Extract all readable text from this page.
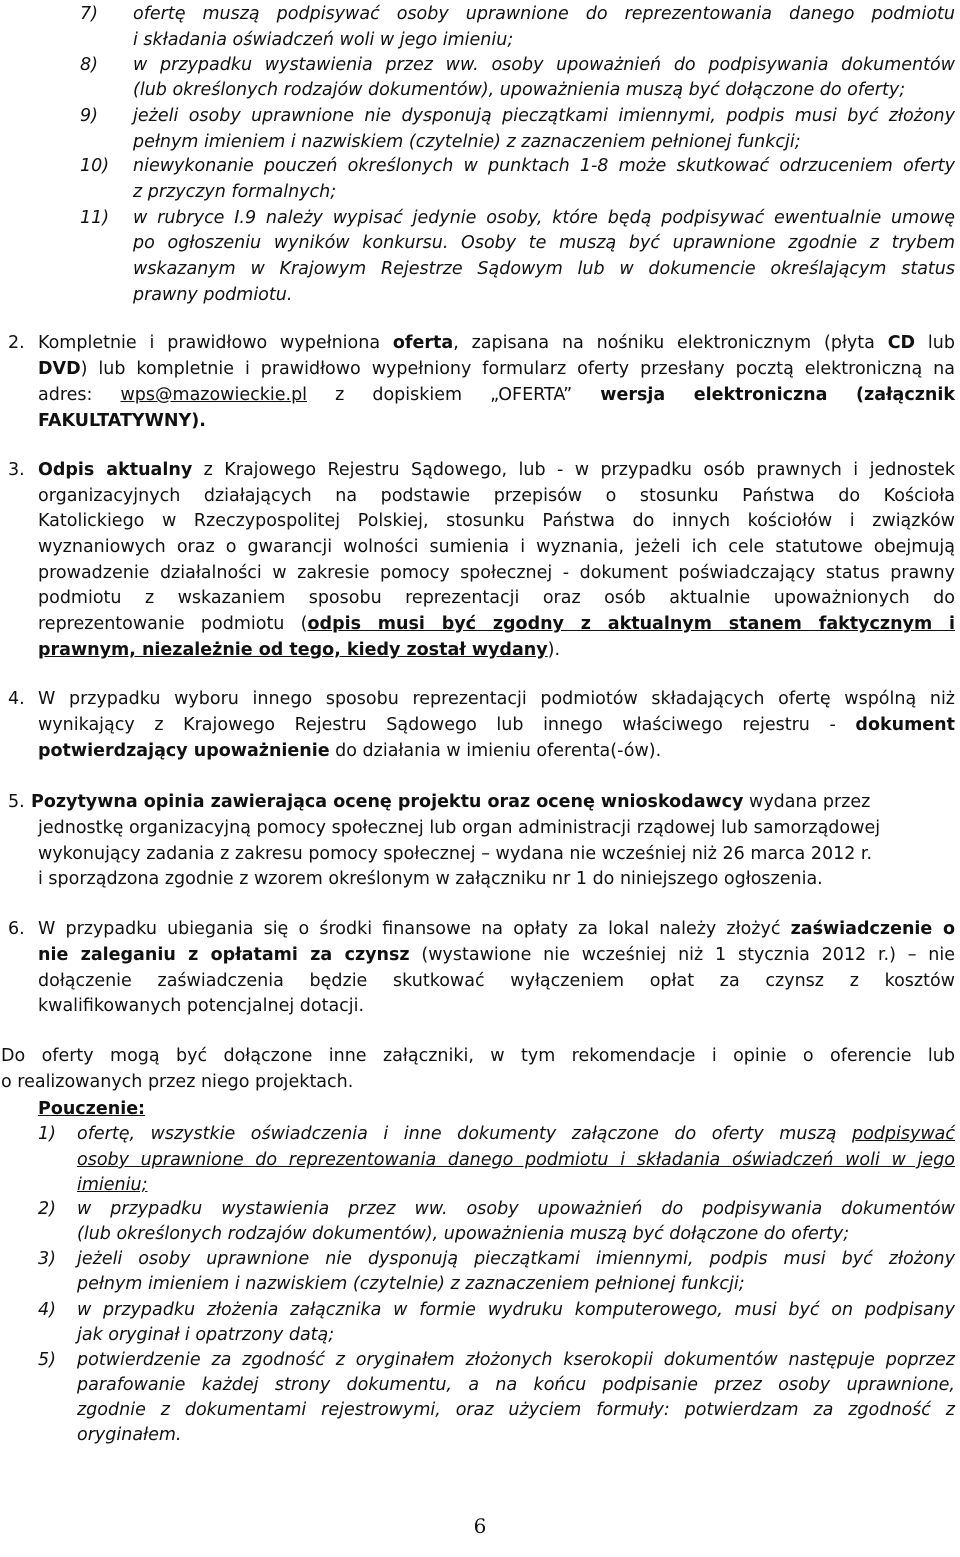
7) ofertę muszą podpisywać osoby uprawnione do reprezentowania danego podmiotu

i składania oświadczeń woli w jego imieniu;

8) w przypadku wystawienia przez ww. osoby upoważnień do podpisywania dokumentów

(lub określonych rodzajów dokumentów), upoważnienia muszą być dołączone do oferty;

9) jeżeli osoby uprawnione nie dysponują pieczątkami imiennymi, podpis musi być złożony

pełnym imieniem i nazwiskiem (czytelnie) z zaznaczeniem pełnionej funkcji;

10) niewykonanie pouczeń określonych w punktach 1-8 może skutkować odrzuceniem oferty

z przyczyn formalnych;

11) w rubryce I.9 należy wypisać jedynie osoby, które będą podpisywać ewentualnie umowę

po ogłoszeniu wyników konkursu. Osoby te muszą być uprawnione zgodnie z trybem

wskazanym w Krajowym Rejestrze Sądowym lub w dokumencie określającym status

prawny podmiotu.

2. Kompletnie i prawidłowo wypełniona oferta, zapisana na nośniku elektronicznym (płyta CD lub

DVD) lub kompletnie i prawidłowo wypełniony formularz oferty przesłany pocztą elektroniczną na

adres: wps@mazowieckie.pl z dopiskiem „OFERTA” wersja elektroniczna (załącznik

FAKULTATYWNY).

3. Odpis aktualny z Krajowego Rejestru Sądowego, lub - w przypadku osób prawnych i jednostek

organizacyjnych działających na podstawie przepisów o stosunku Państwa do Kościoła

Katolickiego w Rzeczypospolitej Polskiej, stosunku Państwa do innych kościołów i związków

wyznaniowych oraz o gwarancji wolności sumienia i wyznania, jeżeli ich cele statutowe obejmują

prowadzenie działalności w zakresie pomocy społecznej - dokument poświadczający status prawny

podmiotu z wskazaniem sposobu reprezentacji oraz osób aktualnie upoważnionych do

reprezentowanie podmiotu (odpis musi być zgodny z aktualnym stanem faktycznym i

prawnym, niezależnie od tego, kiedy został wydany).

4. W przypadku wyboru innego sposobu reprezentacji podmiotów składających ofertę wspólną niż

wynikający z Krajowego Rejestru Sądowego lub innego właściwego rejestru - dokument

potwierdzający upoważnienie do działania w imieniu oferenta(-ów).

5. Pozytywna opinia zawierająca ocenę projektu oraz ocenę wnioskodawcy wydana przez

jednostkę organizacyjną pomocy społecznej lub organ administracji rządowej lub samorządowej

wykonujący zadania z zakresu pomocy społecznej – wydana nie wcześniej niż 26 marca 2012 r.

i sporządzona zgodnie z wzorem określonym w załączniku nr 1 do niniejszego ogłoszenia.

6. W przypadku ubiegania się o środki finansowe na opłaty za lokal należy złożyć zaświadczenie o

nie zaleganiu z opłatami za czynsz (wystawione nie wcześniej niż 1 stycznia 2012 r.) – nie

dołączenie zaświadczenia będzie skutkować wyłączeniem opłat za czynsz z kosztów

kwalifikowanych potencjalnej dotacji.

Do oferty mogą być dołączone inne załączniki, w tym rekomendacje i opinie o oferencie lub

o realizowanych przez niego projektach.

Pouczenie:

1) ofertę, wszystkie oświadczenia i inne dokumenty załączone do oferty muszą podpisywać

osoby uprawnione do reprezentowania danego podmiotu i składania oświadczeń woli w jego

imieniu;

2) w przypadku wystawienia przez ww. osoby upoważnień do podpisywania dokumentów

(lub określonych rodzajów dokumentów), upoważnienia muszą być dołączone do oferty;

3) jeżeli osoby uprawnione nie dysponują pieczątkami imiennymi, podpis musi być złożony

pełnym imieniem i nazwiskiem (czytelnie) z zaznaczeniem pełnionej funkcji;

4) w przypadku złożenia załącznika w formie wydruku komputerowego, musi być on podpisany

jak oryginał i opatrzony datą;

5) potwierdzenie za zgodność z oryginałem złożonych kserokopii dokumentów następuje poprzez

parafowanie każdej strony dokumentu, a na końcu podpisanie przez osoby uprawnione,

zgodnie z dokumentami rejestrowymi, oraz użyciem formuły: potwierdzam za zgodność z

oryginałem.

6
